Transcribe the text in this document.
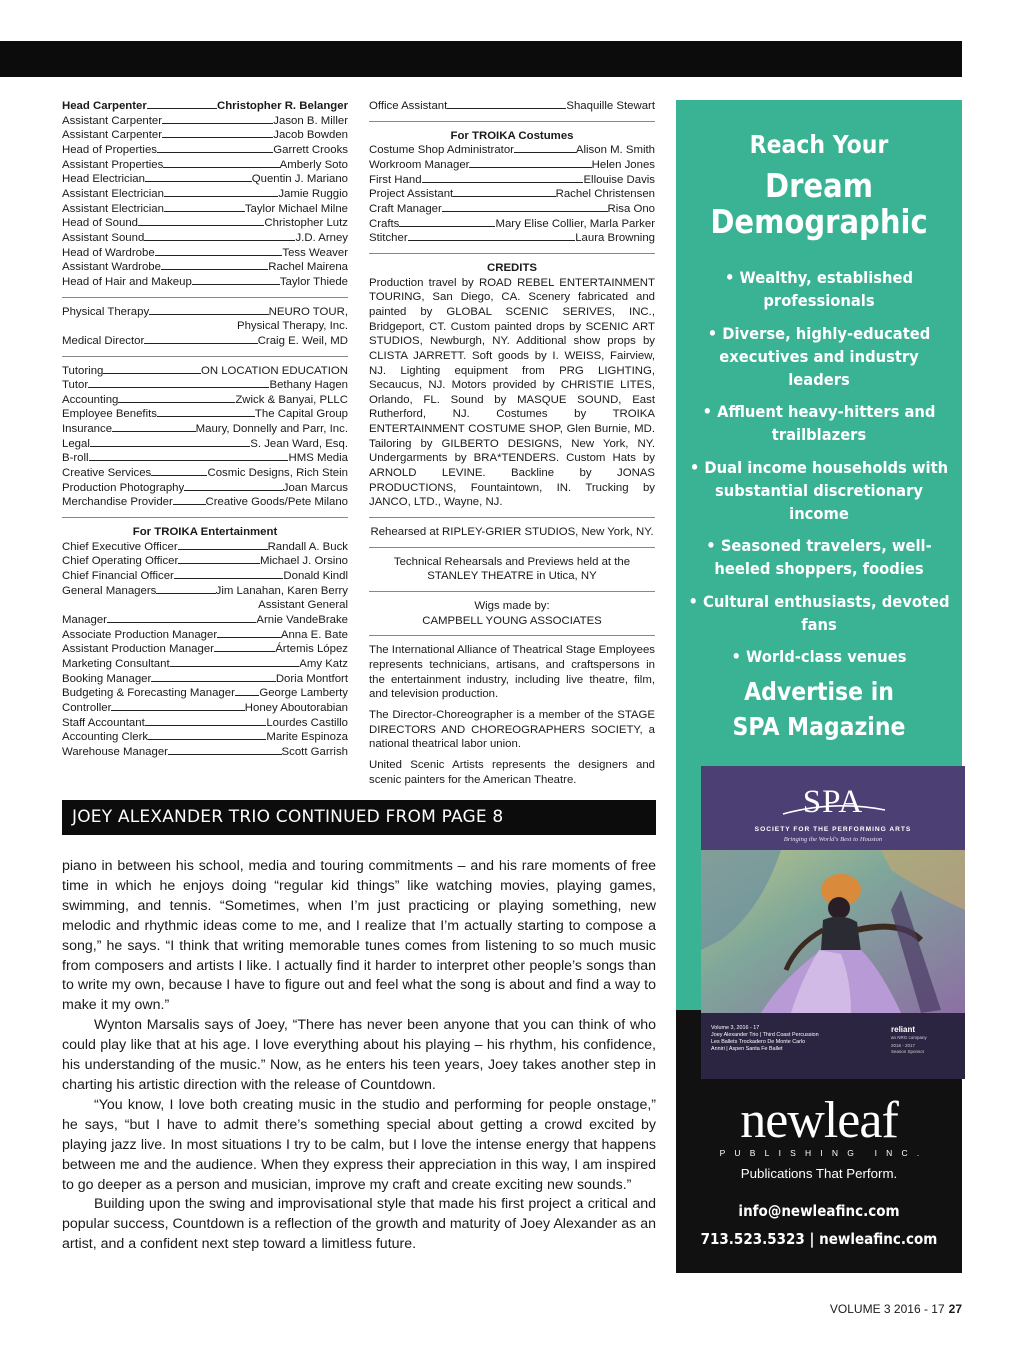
Head Carpenter	Christopher R. Belanger
Assistant Carpenter	Jason B. Miller
Assistant Carpenter	Jacob Bowden
Head of Properties	Garrett Crooks
Assistant Properties	Amberly Soto
Head Electrician	Quentin J. Mariano
Assistant Electrician	Jamie Ruggio
Assistant Electrician	Taylor Michael Milne
Head of Sound	Christopher Lutz
Assistant Sound	J.D. Arney
Head of Wardrobe	Tess Weaver
Assistant Wardrobe	Rachel Mairena
Head of Hair and Makeup	Taylor Thiede
Physical Therapy	NEURO TOUR,
Physical Therapy, Inc.
Medical Director	Craig E. Weil, MD
Tutoring	ON LOCATION EDUCATION
Tutor	Bethany Hagen
Accounting	Zwick & Banyai, PLLC
Employee Benefits	The Capital Group
Insurance	Maury, Donnelly and Parr, Inc.
Legal	S. Jean Ward, Esq.
B-roll	HMS Media
Creative Services	Cosmic Designs, Rich Stein
Production Photography	Joan Marcus
Merchandise Provider	Creative Goods/Pete Milano
For TROIKA Entertainment
Chief Executive Officer	Randall A. Buck
Chief Operating Officer	Michael J. Orsino
Chief Financial Officer	Donald Kindl
General Managers	Jim Lanahan, Karen Berry
Assistant General
Manager	Arnie VandeBrake
Associate Production Manager	Anna E. Bate
Assistant Production Manager	Ártemis López
Marketing Consultant	Amy Katz
Booking Manager	Doria Montfort
Budgeting & Forecasting Manager George Lamberty
Controller	Honey Aboutorabian
Staff Accountant	Lourdes Castillo
Accounting Clerk	Marite Espinoza
Warehouse Manager	Scott Garrish
Office Assistant	Shaquille Stewart
For TROIKA Costumes
Costume Shop Administrator	Alison M. Smith
Workroom Manager	Helen Jones
First Hand	Ellouise Davis
Project Assistant	Rachel Christensen
Craft Manager	Risa Ono
Crafts	Mary Elise Collier, Marla Parker
Stitcher	Laura Browning
CREDITS
Production travel by ROAD REBEL ENTERTAINMENT TOURING, San Diego, CA. Scenery fabricated and painted by GLOBAL SCENIC SERIVES, INC., Bridgeport, CT. Custom painted drops by SCENIC ART STUDIOS, Newburgh, NY. Additional show props by CLISTA JARRETT. Soft goods by I. WEISS, Fairview, NJ. Lighting equipment from PRG LIGHTING, Secaucus, NJ. Motors provided by CHRISTIE LITES, Orlando, FL. Sound by MASQUE SOUND, East Rutherford, NJ. Costumes by TROIKA ENTERTAINMENT COSTUME SHOP, Glen Burnie, MD. Tailoring by GILBERTO DESIGNS, New York, NY. Undergarments by BRA*TENDERS. Custom Hats by ARNOLD LEVINE. Backline by JONAS PRODUCTIONS, Fountaintown, IN. Trucking by JANCO, LTD., Wayne, NJ.
Rehearsed at RIPLEY-GRIER STUDIOS, New York, NY.
Technical Rehearsals and Previews held at the
STANLEY THEATRE in Utica, NY
Wigs made by:
CAMPBELL YOUNG ASSOCIATES
The International Alliance of Theatrical Stage Employees represents technicians, artisans, and craftspersons in the entertainment industry, including live theatre, film, and television production.
The Director-Choreographer is a member of the STAGE DIRECTORS AND CHOREOGRAPHERS SOCIETY, a national theatrical labor union.
United Scenic Artists represents the designers and scenic painters for the American Theatre.
JOEY ALEXANDER TRIO CONTINUED FROM PAGE 8

piano in between his school, media and touring commitments – and his rare moments of free time in which he enjoys doing “regular kid things” like watching movies, playing games, swimming, and tennis. “Sometimes, when I’m just practicing or playing something, new melodic and rhythmic ideas come to me, and I realize that I’m actually starting to compose a song,” he says. “I think that writing memorable tunes comes from listening to so much music from composers and artists I like. I actually find it harder to interpret other people’s songs than to write my own, because I have to figure out and feel what the song is about and find a way to make it my own.”

Wynton Marsalis says of Joey, “There has never been anyone that you can think of who could play like that at his age. I love everything about his playing – his rhythm, his confidence, his understanding of the music.” Now, as he enters his teen years, Joey takes another step in charting his artistic direction with the release of Countdown.

“You know, I love both creating music in the studio and performing for people onstage,” he says, “but I have to admit there’s something special about getting a crowd excited by playing jazz live. In most situations I try to be calm, but I love the intense energy that happens between me and the audience. When they express their appreciation in this way, I am inspired to go deeper as a person and musician, improve my craft and create exciting new sounds.”

Building upon the swing and improvisational style that made his first project a critical and popular success, Countdown is a reflection of the growth and maturity of Joey Alexander as an artist, and a confident next step toward a limitless future.

Reach Your
Dream
Demographic
• Wealthy, established professionals
• Diverse, highly-educated executives and industry leaders
• Affluent heavy-hitters and trailblazers
• Dual income households with substantial discretionary income
• Seasoned travelers, well-heeled shoppers, foodies
• Cultural enthusiasts, devoted fans
• World-class venues
Advertise in
SPA Magazine
SPA
SOCIETY FOR THE PERFORMING ARTS
Bringing the World's Best to Houston
Volume 3, 2016 - 17
Joey Alexander Trio | Third Coast Percussion
Les Ballets Trockadero De Monte Carlo
Anniri | Aspen Santa Fe Ballet
reliant
an NRG company
2016 - 2017
Season Sponsor
newleaf
PUBLISHING INC.
Publications That Perform.
info@newleafinc.com
713.523.5323 | newleafinc.com
VOLUME 3 2016 - 17 27
